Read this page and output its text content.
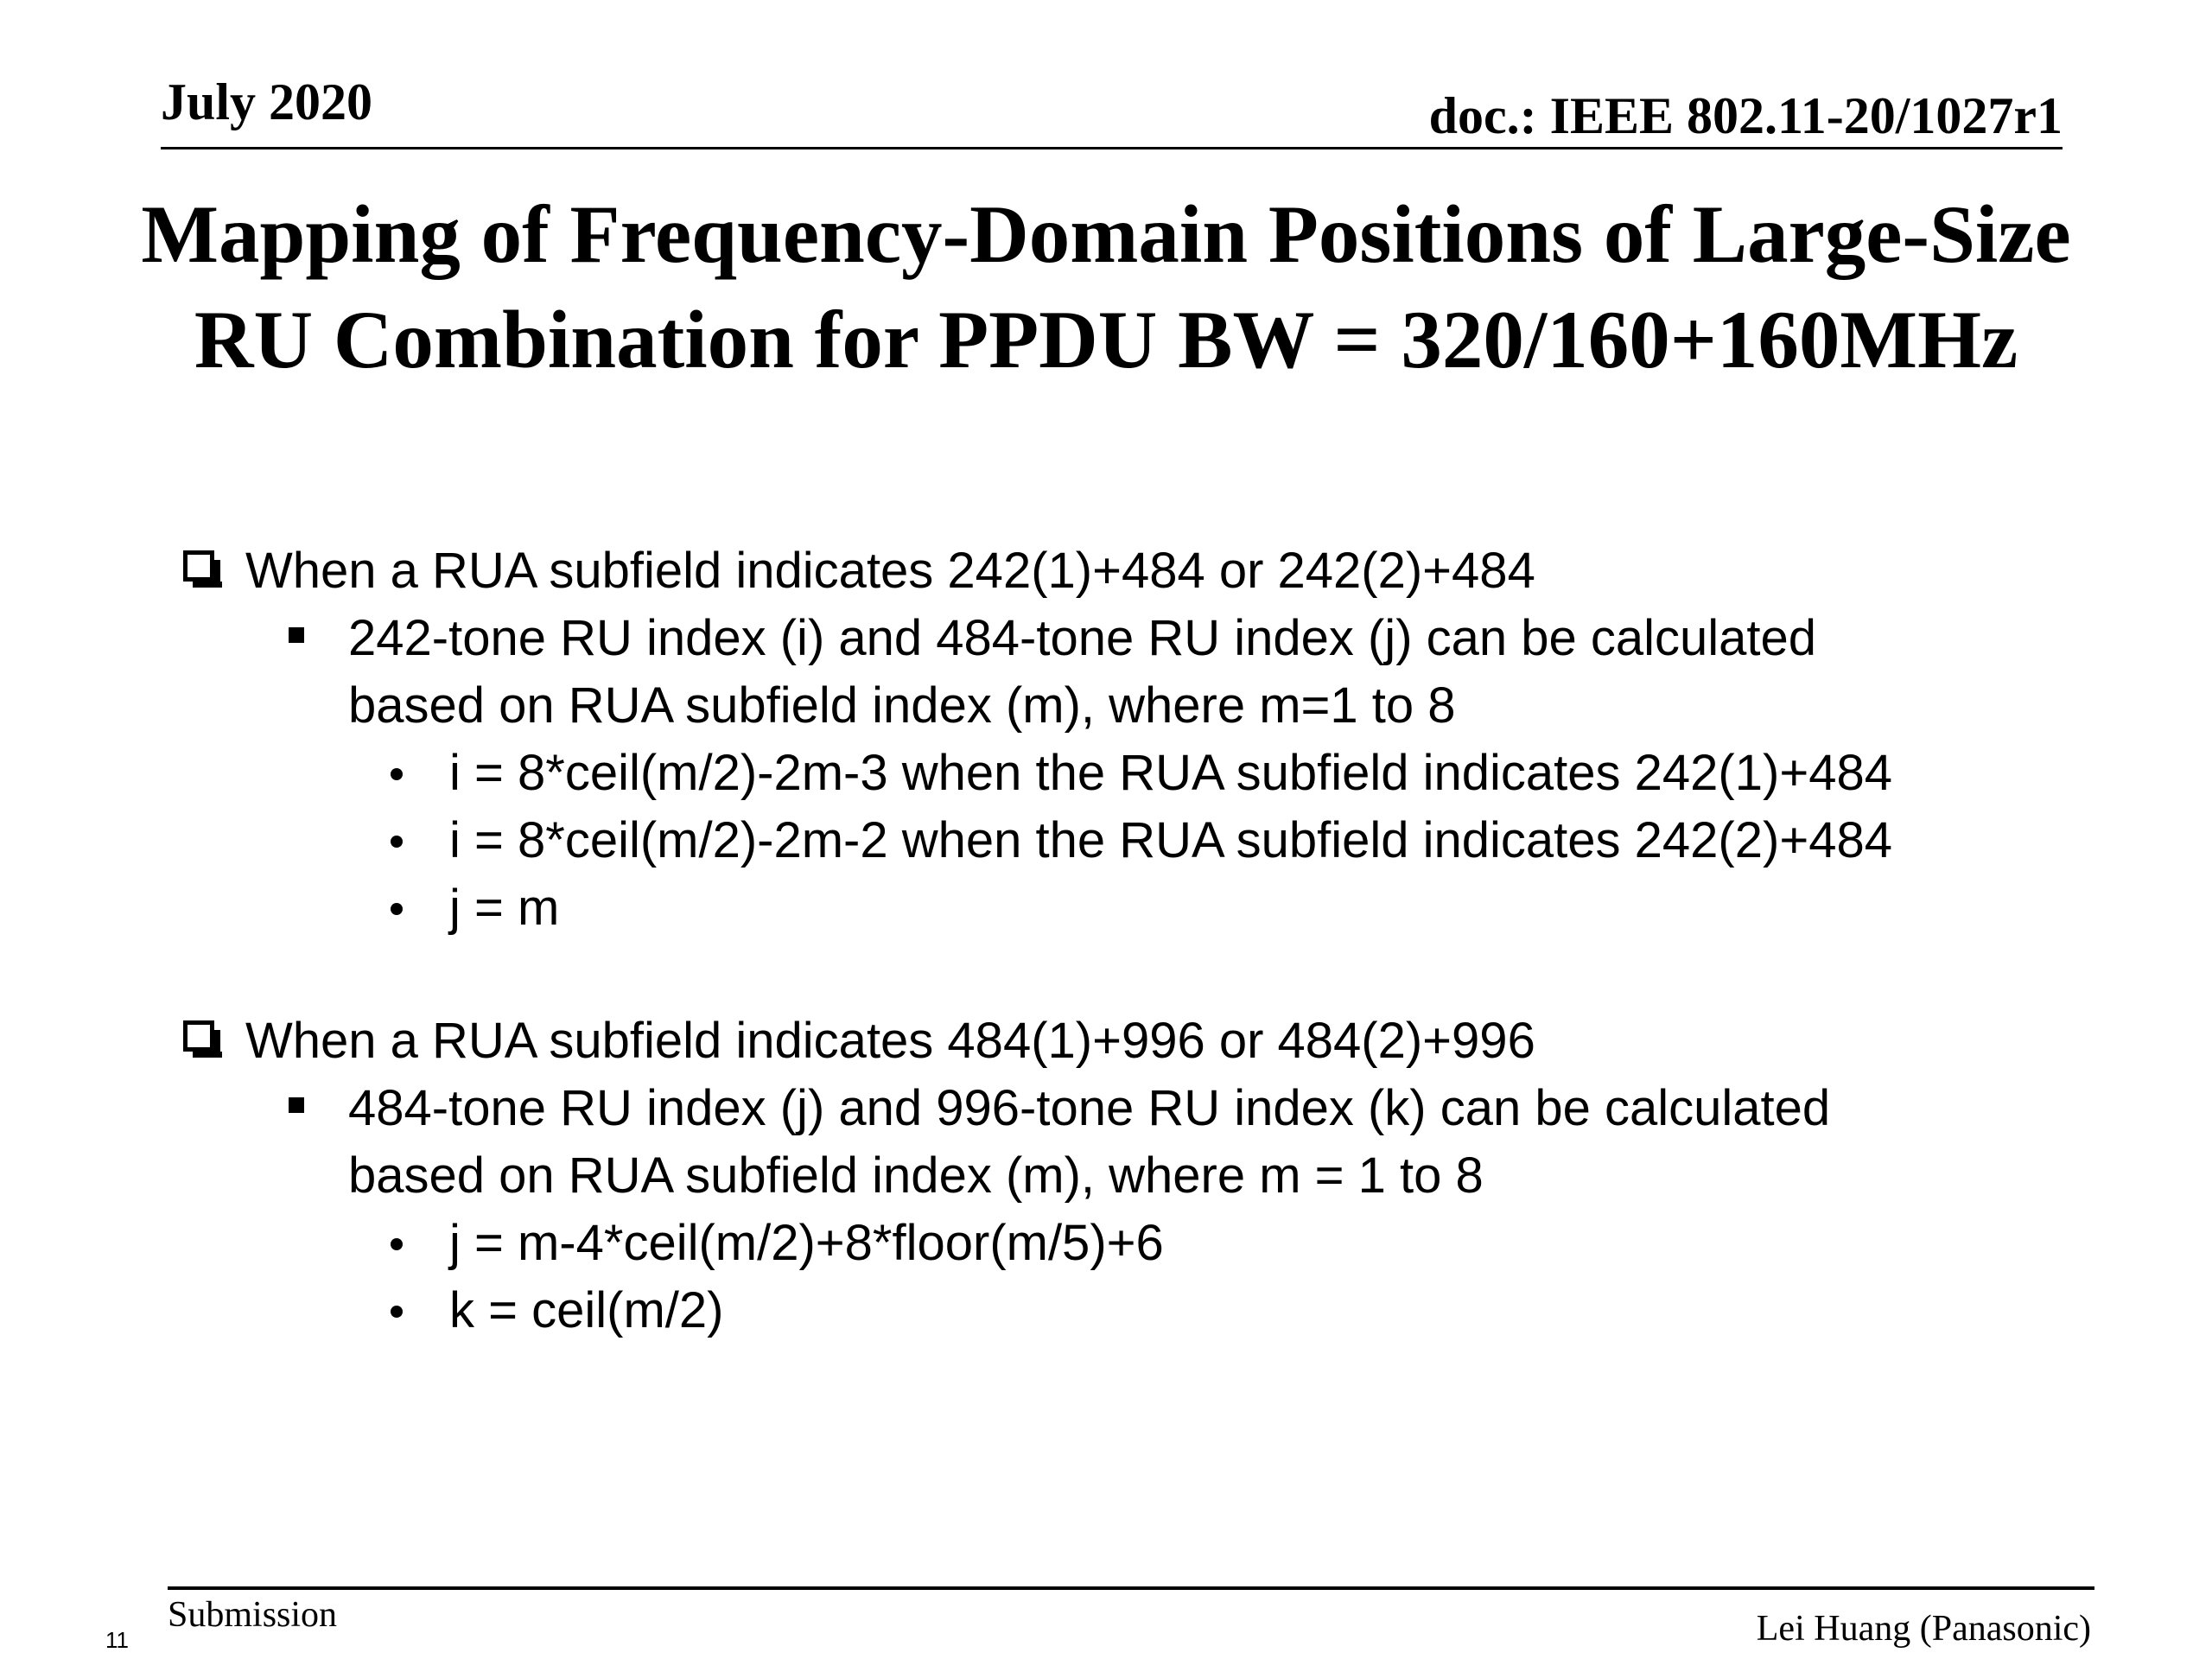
July 2020	doc.: IEEE 802.11-20/1027r1
Mapping of Frequency-Domain Positions of Large-Size
RU Combination for PPDU BW = 320/160+160MHz
When a RUA subfield indicates 242(1)+484 or 242(2)+484
242-tone RU index (i) and 484-tone RU index (j) can be calculated
based on RUA subfield index (m), where m=1 to 8
i = 8*ceil(m/2)-2m-3 when the RUA subfield indicates 242(1)+484
i = 8*ceil(m/2)-2m-2 when the RUA subfield indicates 242(2)+484
j = m
When a RUA subfield indicates 484(1)+996 or 484(2)+996
484-tone RU index (j) and 996-tone RU index (k) can be calculated
based on RUA subfield index (m), where m = 1 to 8
j = m-4*ceil(m/2)+8*floor(m/5)+6
k = ceil(m/2)
Submission	Lei Huang (Panasonic)
11
